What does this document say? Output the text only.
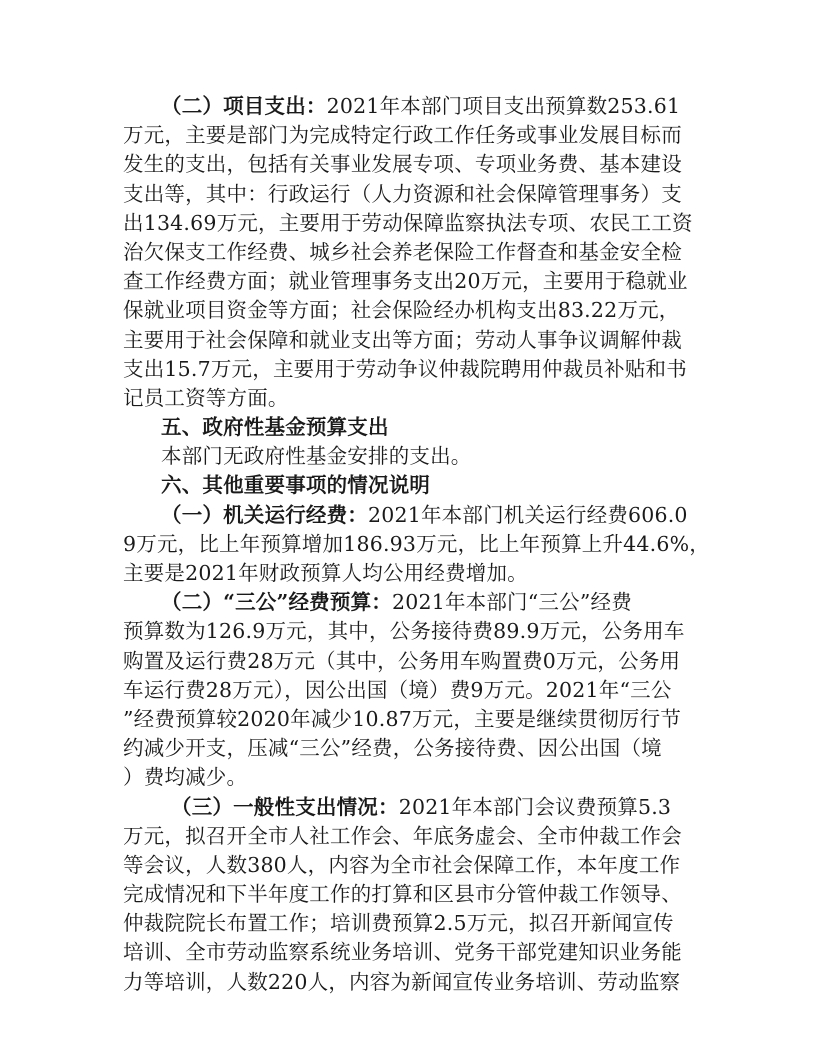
（二）项目支出：2021年本部门项目支出预算数253.61
万元，主要是部门为完成特定行政工作任务或事业发展目标而
发生的支出，包括有关事业发展专项、专项业务费、基本建设
支出等，其中：行政运行（人力资源和社会保障管理事务）支
出134.69万元，主要用于劳动保障监察执法专项、农民工工资
治欠保支工作经费、城乡社会养老保险工作督查和基金安全检
查工作经费方面；就业管理事务支出20万元，主要用于稳就业
保就业项目资金等方面；社会保险经办机构支出83.22万元，
主要用于社会保障和就业支出等方面；劳动人事争议调解仲裁
支出15.7万元，主要用于劳动争议仲裁院聘用仲裁员补贴和书
记员工资等方面。
五、政府性基金预算支出
本部门无政府性基金安排的支出。
六、其他重要事项的情况说明
（一）机关运行经费：2021年本部门机关运行经费606.0
9万元，比上年预算增加186.93万元，比上年预算上升44.6%，
主要是2021年财政预算人均公用经费增加。
（二）“三公”经费预算：2021年本部门“三公”经费
预算数为126.9万元，其中，公务接待费89.9万元，公务用车
购置及运行费28万元（其中，公务用车购置费0万元，公务用
车运行费28万元），因公出国（境）费9万元。2021年“三公
”经费预算较2020年减少10.87万元，主要是继续贯彻厉行节
约减少开支，压减“三公”经费，公务接待费、因公出国（境
）费均减少。
（三）一般性支出情况：2021年本部门会议费预算5.3
万元，拟召开全市人社工作会、年底务虚会、全市仲裁工作会
等会议，人数380人，内容为全市社会保障工作，本年度工作
完成情况和下半年度工作的打算和区县市分管仲裁工作领导、
仲裁院院长布置工作；培训费预算2.5万元，拟召开新闻宣传
培训、全市劳动监察系统业务培训、党务干部党建知识业务能
力等培训，人数220人，内容为新闻宣传业务培训、劳动监察
